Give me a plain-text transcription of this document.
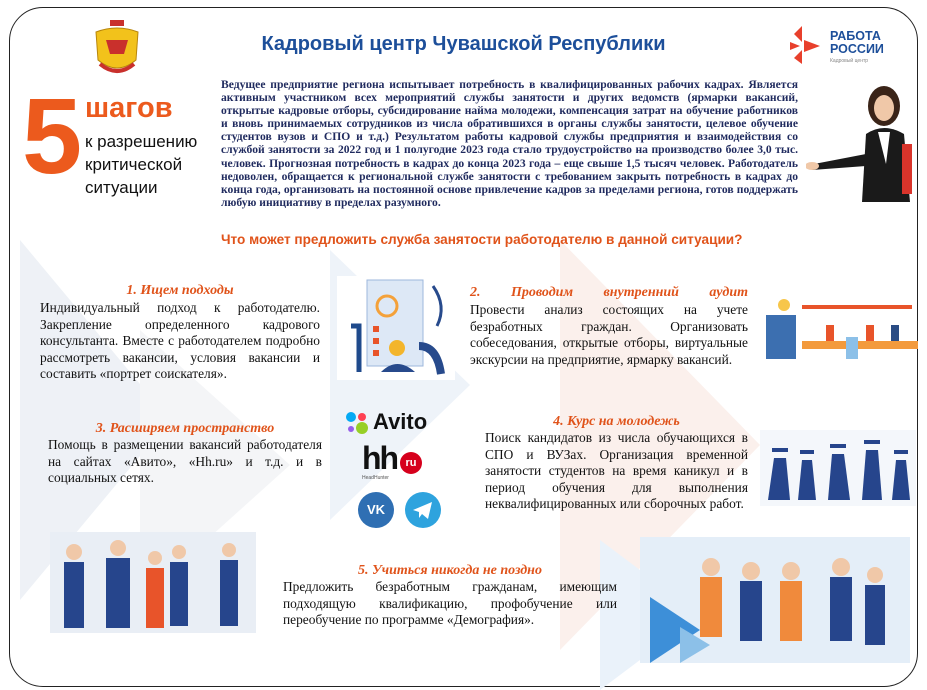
Кадровый центр Чувашской Республики	РАБОТА
РОССИИ
Кадровый центр
5 шагов
к разрешению
критической
ситуации
Ведущее предприятие региона испытывает потребность в квалифицированных рабочих кадрах. Является активным участником всех мероприятий службы занятости и других ведомств (ярмарки вакансий, открытые кадровые отборы, субсидирование найма молодежи, компенсация затрат на обучение работников и вновь принимаемых сотрудников из числа обратившихся в органы службы занятости, целевое обучение студентов вузов и СПО и т.д.) Результатом работы кадровой службы предприятия и взаимодействия со службой занятости за 2022 год и 1 полугодие 2023 года стало трудоустройство на производство более 3,0 тыс. человек. Прогнозная потребность в кадрах до конца 2023 года – еще свыше 1,5 тысяч человек. Работодатель недоволен, обращается к региональной службе занятости с требованием закрыть потребность в кадрах до конца года, организовать на постоянной основе привлечение кадров за пределами региона, готов поддержать любую инициативу в пределах разумного.
Что может предложить служба занятости работодателю в данной ситуации?
1. Ищем подходы
Индивидуальный подход к работодателю. Закрепление определенного кадрового консультанта. Вместе с работодателем подробно рассмотреть вакансии, условия вакансии и составить «портрет соискателя».
2. Проводим внутренний аудит
Провести анализ состоящих на учете безработных граждан. Организовать собеседования, открытые отборы, виртуальные экскурсии на предприятие, ярмарку вакансий.
3. Расширяем пространство
Помощь в размещении вакансий работодателя на сайтах «Авито», «Hh.ru» и т.д. и в социальных сетях.
Avito
hh ru
HeadHunter
VK
4. Курс на молодежь
Поиск кандидатов из числа обучающихся в СПО и ВУЗах. Организация временной занятости студентов на время каникул и в период обучения для выполнения неквалифицированных или сборочных работ.
5. Учиться никогда не поздно
Предложить безработным гражданам, имеющим подходящую квалификацию, профобучение или переобучение по программе «Демография».
